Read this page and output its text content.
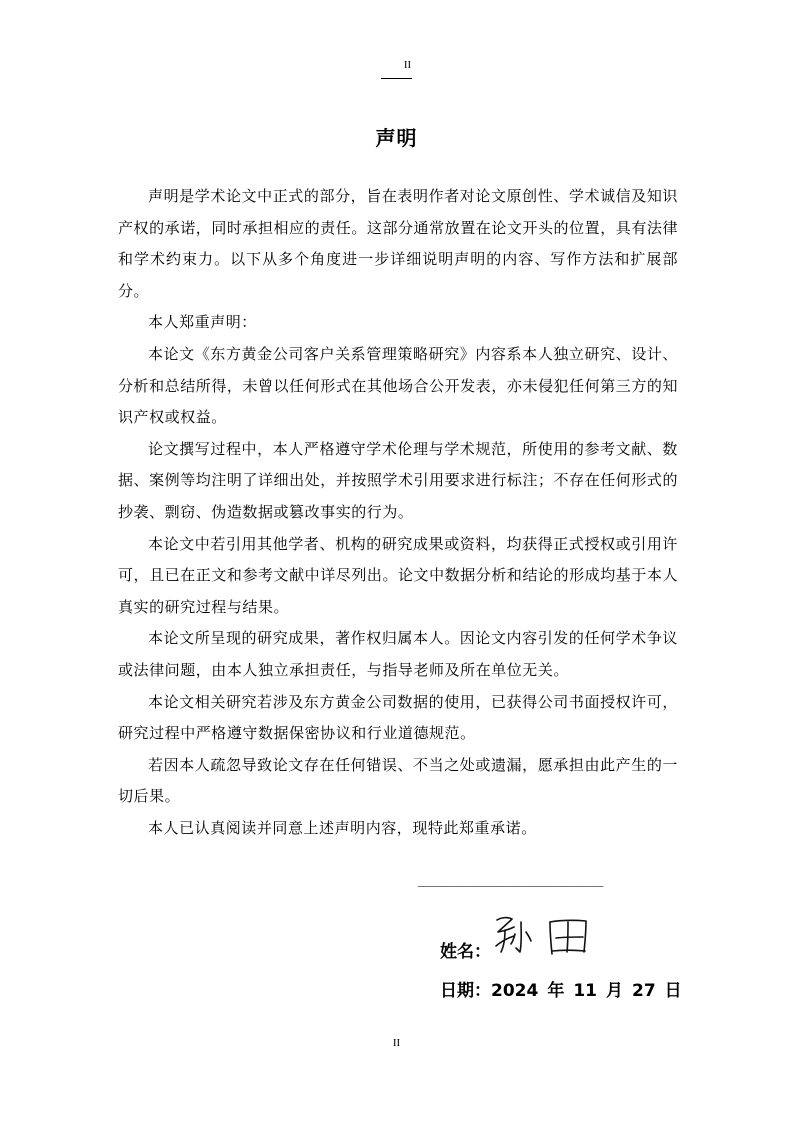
II
声明

声明是学术论文中正式的部分，旨在表明作者对论文原创性、学术诚信及知识产权的承诺，同时承担相应的责任。这部分通常放置在论文开头的位置，具有法律和学术约束力。以下从多个角度进一步详细说明声明的内容、写作方法和扩展部分。

本人郑重声明：

本论文《东方黄金公司客户关系管理策略研究》内容系本人独立研究、设计、分析和总结所得，未曾以任何形式在其他场合公开发表，亦未侵犯任何第三方的知识产权或权益。

论文撰写过程中，本人严格遵守学术伦理与学术规范，所使用的参考文献、数据、案例等均注明了详细出处，并按照学术引用要求进行标注；不存在任何形式的抄袭、剽窃、伪造数据或篡改事实的行为。

本论文中若引用其他学者、机构的研究成果或资料，均获得正式授权或引用许可，且已在正文和参考文献中详尽列出。论文中数据分析和结论的形成均基于本人真实的研究过程与结果。

本论文所呈现的研究成果，著作权归属本人。因论文内容引发的任何学术争议或法律问题，由本人独立承担责任，与指导老师及所在单位无关。

本论文相关研究若涉及东方黄金公司数据的使用，已获得公司书面授权许可，研究过程中严格遵守数据保密协议和行业道德规范。

若因本人疏忽导致论文存在任何错误、不当之处或遗漏，愿承担由此产生的一切后果。

本人已认真阅读并同意上述声明内容，现特此郑重承诺。

______________________
姓名：
日期：2024 年 11 月 27 日
II
